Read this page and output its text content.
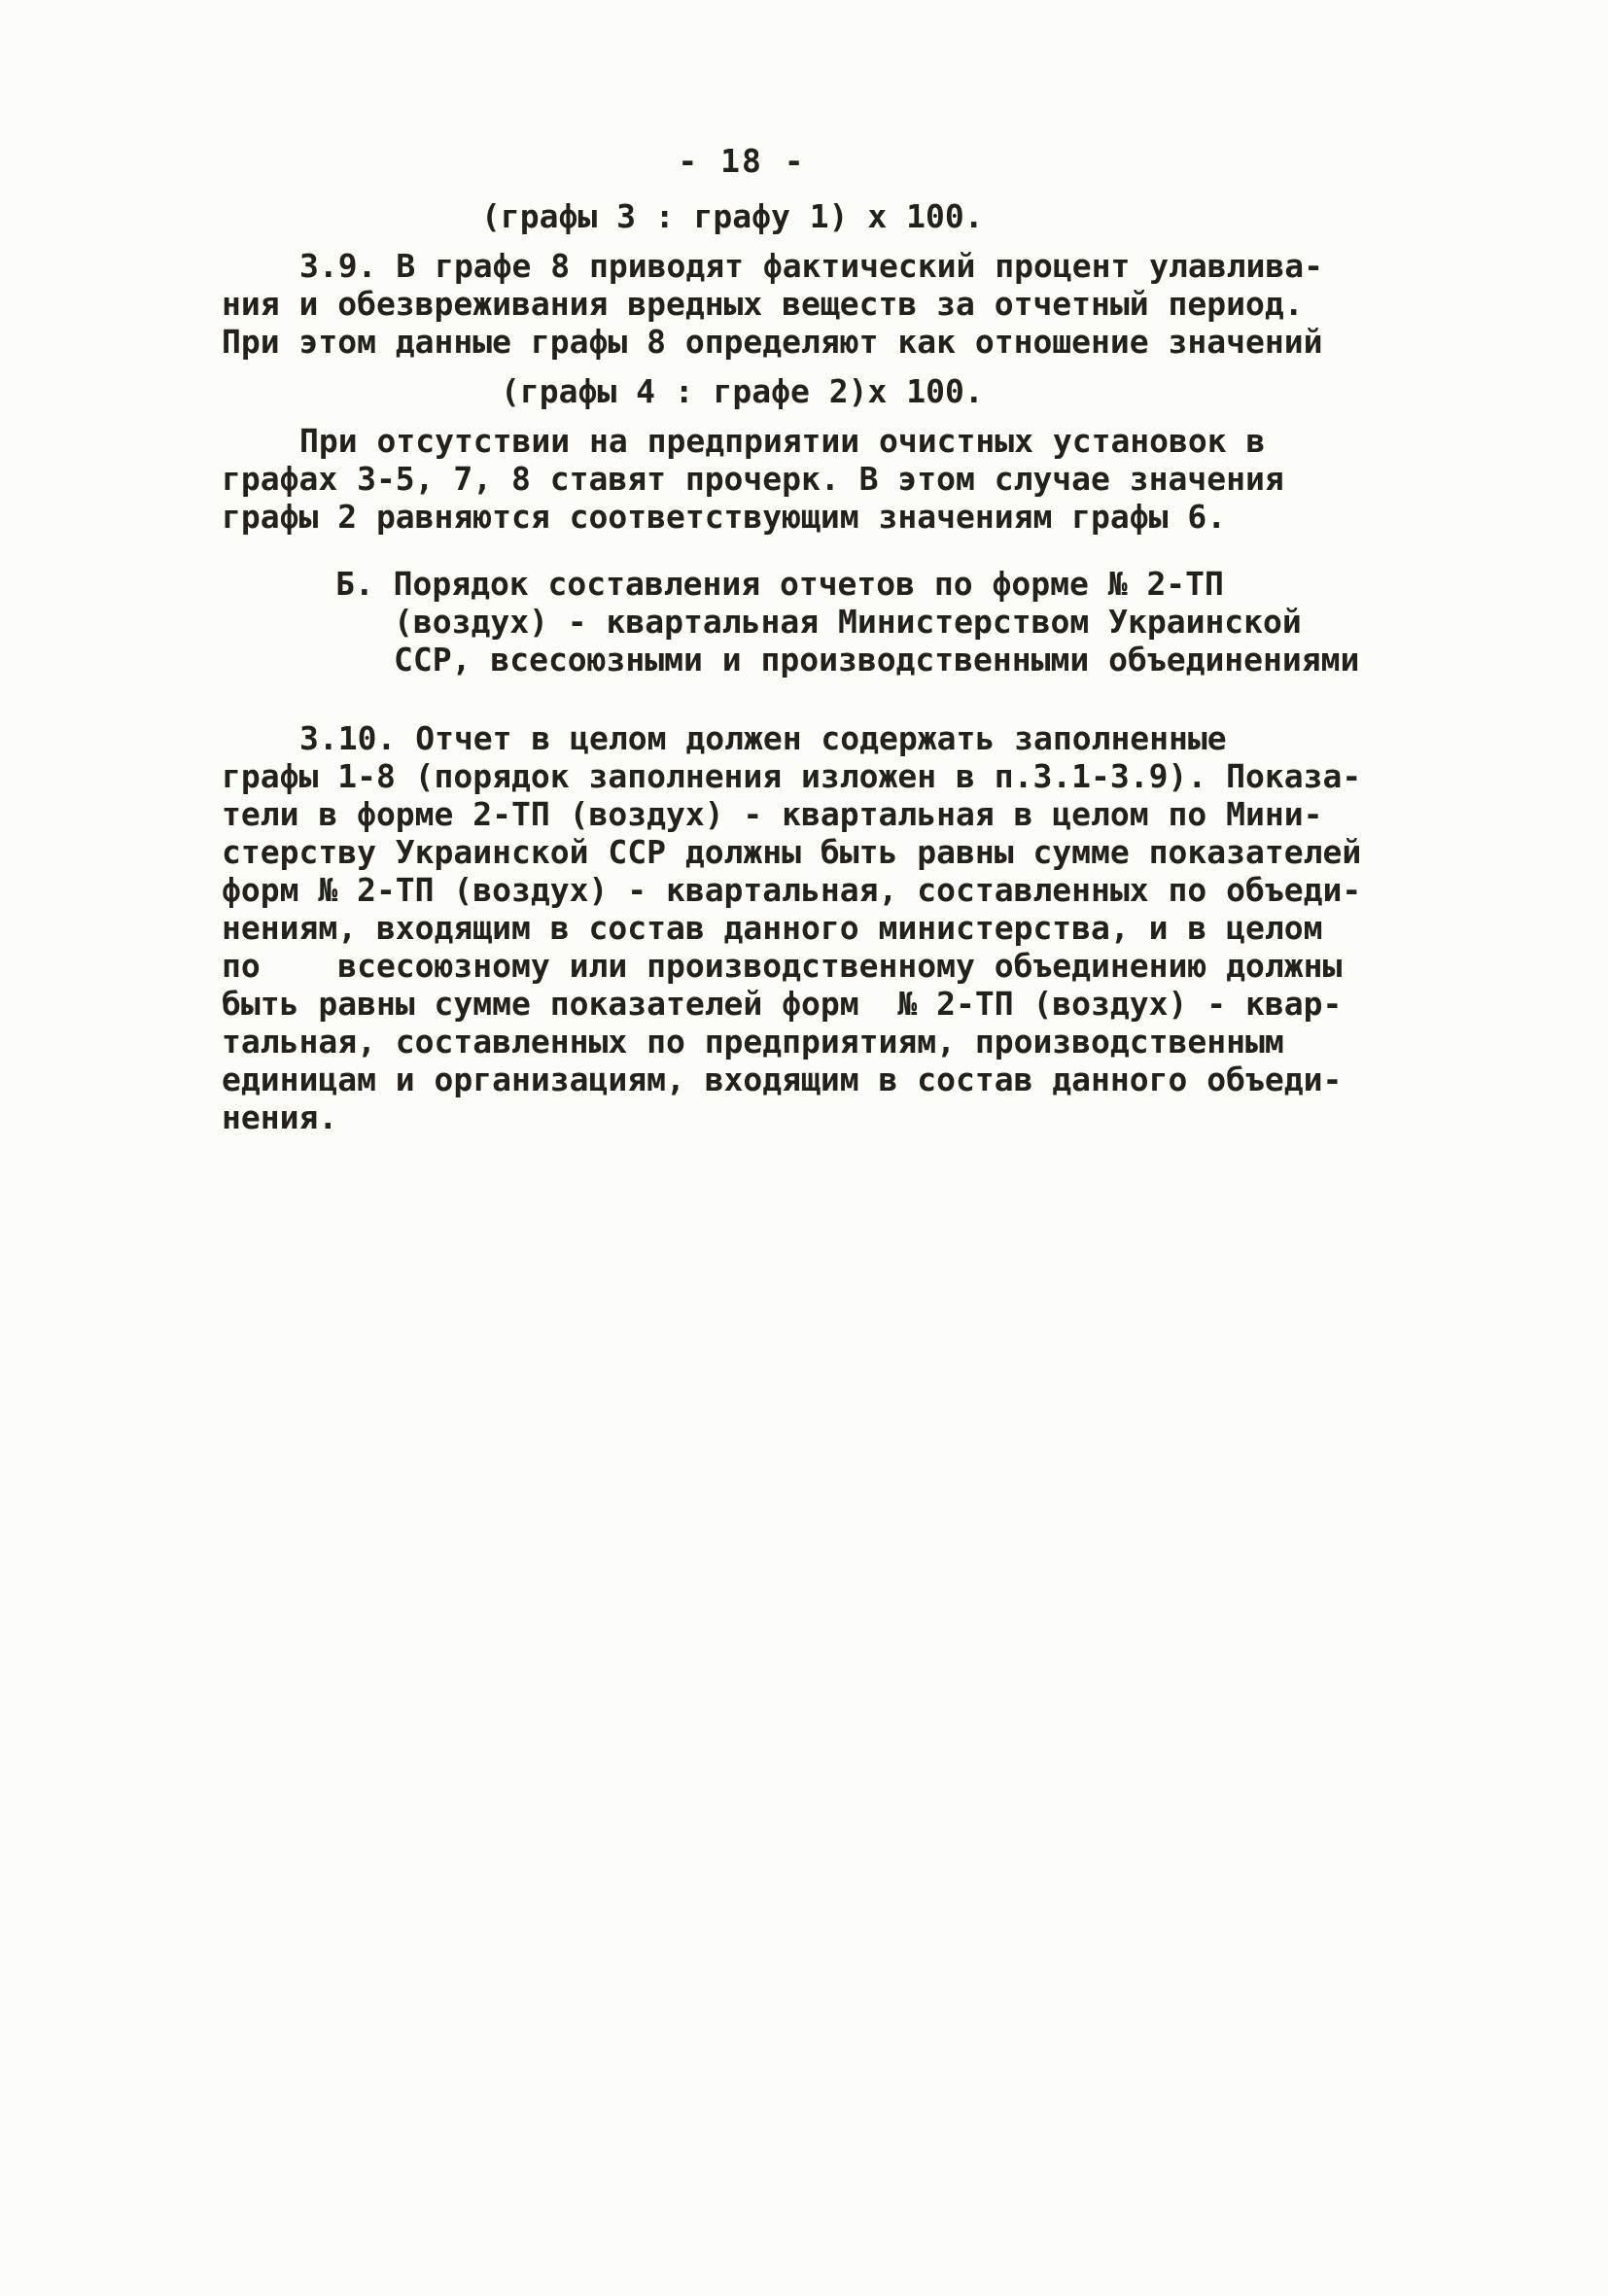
- 18 -
(графы 3 : графу 1) х 100.
3.9. В графе 8 приводят фактический процент улавлива-
ния и обезвреживания вредных веществ за отчетный период.
При этом данные графы 8 определяют как отношение значений
(графы 4 : графе 2)х 100.
При отсутствии на предприятии очистных установок в
графах 3-5, 7, 8 ставят прочерк. В этом случае значения
графы 2 равняются соответствующим значениям графы 6.
Б. Порядок составления отчетов по форме № 2-ТП
(воздух) - квартальная Министерством Украинской
ССР, всесоюзными и производственными объединениями
3.10. Отчет в целом должен содержать заполненные
графы 1-8 (порядок заполнения изложен в п.3.1-3.9). Показа-
тели в форме 2-ТП (воздух) - квартальная в целом по Мини-
стерству Украинской ССР должны быть равны сумме показателей
форм № 2-ТП (воздух) - квартальная, составленных по объеди-
нениям, входящим в состав данного министерства, и в целом
по    всесоюзному или производственному объединению должны
быть равны сумме показателей форм  № 2-ТП (воздух) - квар-
тальная, составленных по предприятиям, производственным
единицам и организациям, входящим в состав данного объеди-
нения.
